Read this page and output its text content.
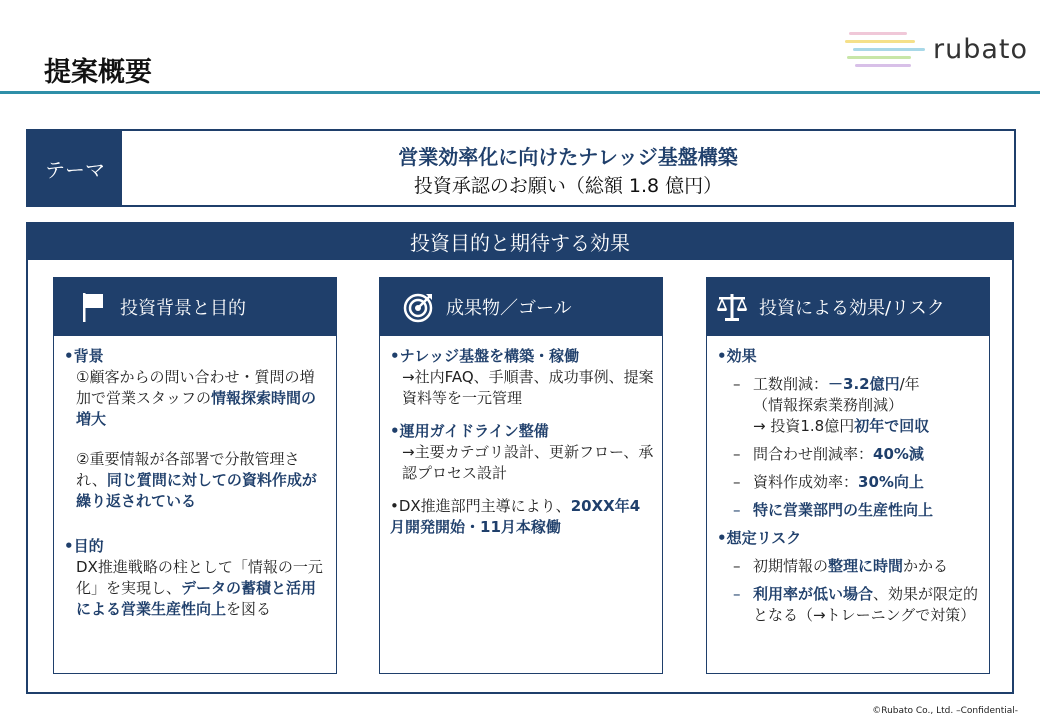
提案概要
rubato
テーマ
営業効率化に向けたナレッジ基盤構築
投資承認のお願い（総額 1.8 億円）
投資目的と期待する効果
投資背景と目的
•背景
①顧客からの問い合わせ・質問の増加で営業スタッフの情報探索時間の増大
②重要情報が各部署で分散管理され、同じ質問に対しての資料作成が繰り返されている
•目的
DX推進戦略の柱として「情報の一元化」を実現し、データの蓄積と活用による営業生産性向上を図る
成果物／ゴール
•ナレッジ基盤を構築・稼働
→社内FAQ、手順書、成功事例、提案資料等を一元管理
•運用ガイドライン整備
→主要カテゴリ設計、更新フロー、承認プロセス設計
•DX推進部門主導により、20XX年4月開発開始・11月本稼働
投資による効果/リスク
•効果
– 工数削減：－3.2億円/年
（情報探索業務削減）
→ 投資1.8億円初年で回収
– 問合わせ削減率：40%減
– 資料作成効率：30%向上
– 特に営業部門の生産性向上
•想定リスク
– 初期情報の整理に時間かかる
– 利用率が低い場合、効果が限定的となる（→トレーニングで対策）
©Rubato Co., Ltd. –Confidential-
